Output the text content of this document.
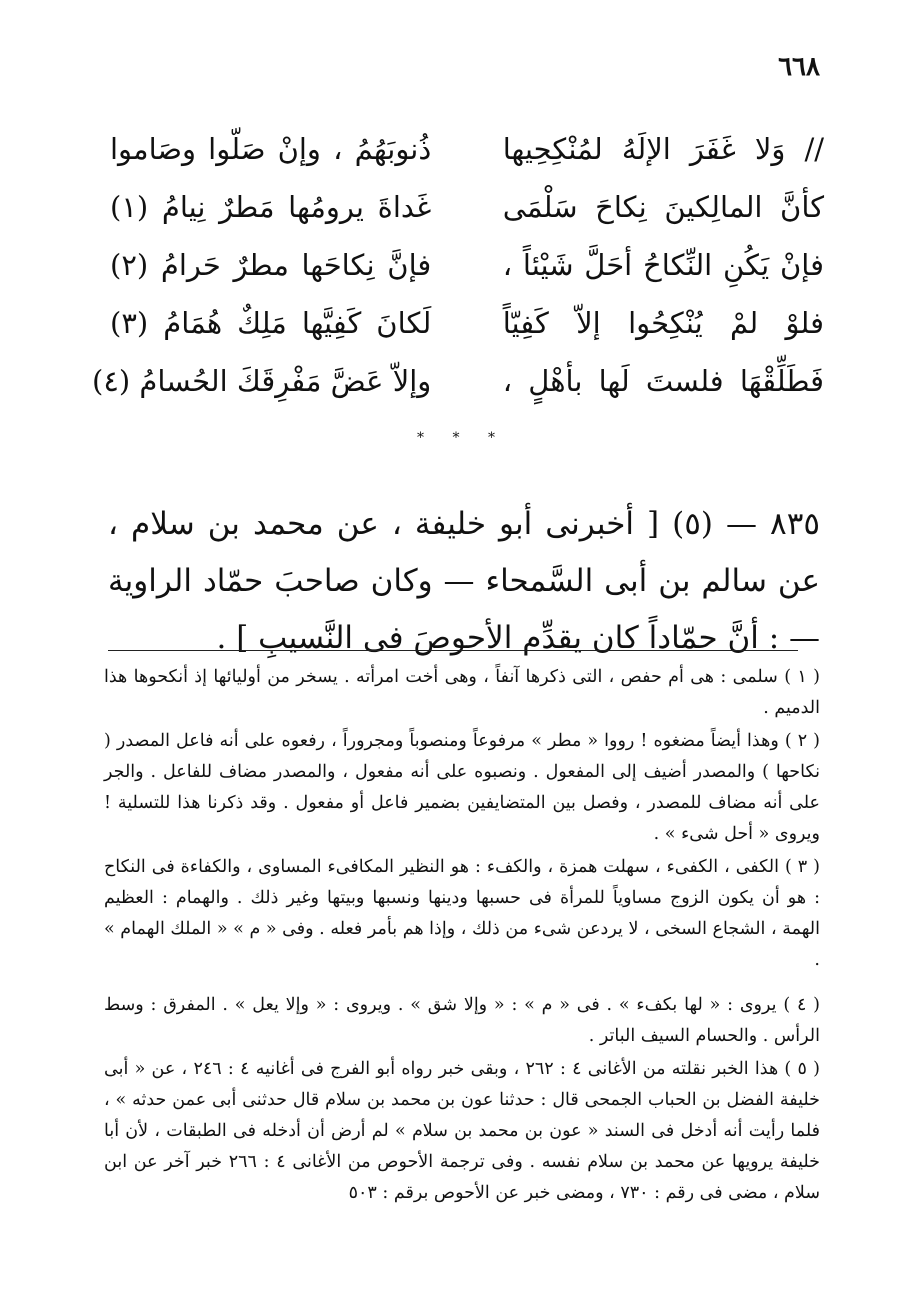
٦٦٨
// وَلا غَفَرَ الإلَهُ لمُنْكِحِيها
ذُنوبَهُمُ ، وإنْ صَلّوا وصَاموا
كأنَّ المالِكينَ نِكاحَ سَلْمَى
غَداةَ يرومُها مَطرٌ نِيامُ (١)
فإنْ يَكُنِ النِّكاحُ أحَلَّ شَيْئاً ،
فإنَّ نِكاحَها مطرٌ حَرامُ (٢)
فلوْ لمْ يُنْكِحُوا إلاّ كَفِيّاً
لَكانَ كَفِيَّها مَلِكٌ هُمَامُ (٣)
فَطَلِّقْهَا فلستَ لَها بأهْلٍ ،
وإلاّ عَضَّ مَفْرِقَكَ الحُسامُ (٤)
* * *

٨٣٥ — (٥) [ أخبرنى أبو خليفة ، عن محمد بن سلام ، عن سالم بن أبى السَّمحاء — وكان صاحبَ حمّاد الراوية — : أنَّ حمّاداً كان يقدِّم الأحوصَ فى النَّسيبِ ] .

( ١ ) سلمى : هى أم حفص ، التى ذكرها آنفاً ، وهى أخت امرأته . يسخر من أوليائها إذ أنكحوها هذا الدميم .

( ٢ ) وهذا أيضاً مضغوه ! رووا « مطر » مرفوعاً ومنصوباً ومجروراً ، رفعوه على أنه فاعل المصدر ( نكاحها ) والمصدر أضيف إلى المفعول . ونصبوه على أنه مفعول ، والمصدر مضاف للفاعل . والجر على أنه مضاف للمصدر ، وفصل بين المتضايفين بضمير فاعل أو مفعول . وقد ذكرنا هذا للتسلية ! ويروى « أحل شىء » .

( ٣ ) الكفى ، الكفىء ، سهلت همزة ، والكفء : هو النظير المكافىء المساوى ، والكفاءة فى النكاح : هو أن يكون الزوج مساوياً للمرأة فى حسبها ودينها ونسبها وبيتها وغير ذلك . والهمام : العظيم الهمة ، الشجاع السخى ، لا يردعن شىء من ذلك ، وإذا هم بأمر فعله . وفى « م » « الملك الهمام » .

( ٤ ) يروى : « لها بكفء » . فى « م » : « وإلا شق » . ويروى : « وإلا يعل » . المفرق : وسط الرأس . والحسام السيف الباتر .

( ٥ ) هذا الخبر نقلته من الأغانى ٤ : ٢٦٢ ، وبقى خبر رواه أبو الفرج فى أغانيه ٤ : ٢٤٦ ، عن « أبى خليفة الفضل بن الحباب الجمحى قال : حدثنا عون بن محمد بن سلام قال حدثنى أبى عمن حدثه » ، فلما رأيت أنه أدخل فى السند « عون بن محمد بن سلام » لم أرض أن أدخله فى الطبقات ، لأن أبا خليفة يرويها عن محمد بن سلام نفسه . وفى ترجمة الأحوص من الأغانى ٤ : ٢٦٦ خبر آخر عن ابن سلام ، مضى فى رقم : ٧٣٠ ، ومضى خبر عن الأحوص برقم : ٥٠٣
